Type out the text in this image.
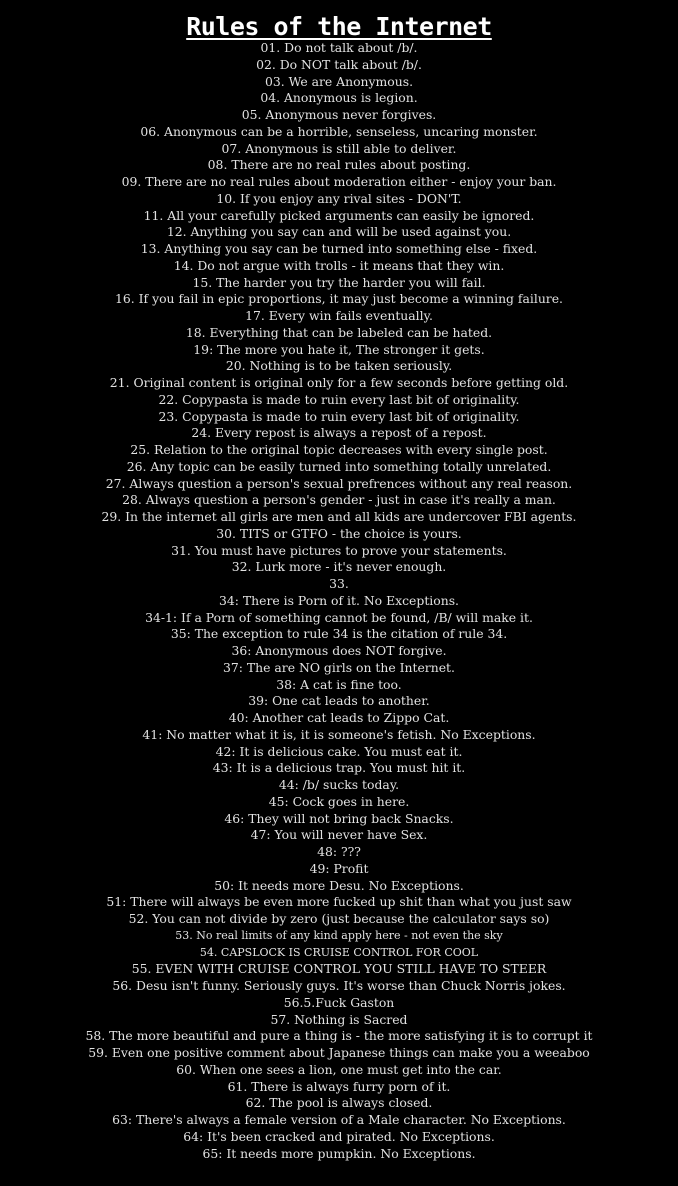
Rules of the Internet
01. Do not talk about /b/.
02. Do NOT talk about /b/.
03. We are Anonymous.
04. Anonymous is legion.
05. Anonymous never forgives.
06. Anonymous can be a horrible, senseless, uncaring monster.
07. Anonymous is still able to deliver.
08. There are no real rules about posting.
09. There are no real rules about moderation either - enjoy your ban.
10. If you enjoy any rival sites - DON'T.
11. All your carefully picked arguments can easily be ignored.
12. Anything you say can and will be used against you.
13. Anything you say can be turned into something else - fixed.
14. Do not argue with trolls - it means that they win.
15. The harder you try the harder you will fail.
16. If you fail in epic proportions, it may just become a winning failure.
17. Every win fails eventually.
18. Everything that can be labeled can be hated.
19: The more you hate it, The stronger it gets.
20. Nothing is to be taken seriously.
21. Original content is original only for a few seconds before getting old.
22. Copypasta is made to ruin every last bit of originality.
23. Copypasta is made to ruin every last bit of originality.
24. Every repost is always a repost of a repost.
25. Relation to the original topic decreases with every single post.
26. Any topic can be easily turned into something totally unrelated.
27. Always question a person's sexual prefrences without any real reason.
28. Always question a person's gender - just in case it's really a man.
29. In the internet all girls are men and all kids are undercover FBI agents.
30. TITS or GTFO - the choice is yours.
31. You must have pictures to prove your statements.
32. Lurk more - it's never enough.
33.
34: There is Porn of it. No Exceptions.
34-1: If a Porn of something cannot be found, /B/ will make it.
35: The exception to rule 34 is the citation of rule 34.
36: Anonymous does NOT forgive.
37: The are NO girls on the Internet.
38: A cat is fine too.
39: One cat leads to another.
40: Another cat leads to Zippo Cat.
41: No matter what it is, it is someone's fetish. No Exceptions.
42: It is delicious cake. You must eat it.
43: It is a delicious trap. You must hit it.
44: /b/ sucks today.
45: Cock goes in here.
46: They will not bring back Snacks.
47: You will never have Sex.
48: ???
49: Profit
50: It needs more Desu. No Exceptions.
51: There will always be even more fucked up shit than what you just saw
52. You can not divide by zero (just because the calculator says so)
53. No real limits of any kind apply here - not even the sky
54. CAPSLOCK IS CRUISE CONTROL FOR COOL
55. EVEN WITH CRUISE CONTROL YOU STILL HAVE TO STEER
56. Desu isn't funny. Seriously guys. It's worse than Chuck Norris jokes.
56.5.Fuck Gaston
57. Nothing is Sacred
58. The more beautiful and pure a thing is - the more satisfying it is to corrupt it
59. Even one positive comment about Japanese things can make you a weeaboo
60. When one sees a lion, one must get into the car.
61. There is always furry porn of it.
62. The pool is always closed.
63: There's always a female version of a Male character. No Exceptions.
64: It's been cracked and pirated. No Exceptions.
65: It needs more pumpkin. No Exceptions.
